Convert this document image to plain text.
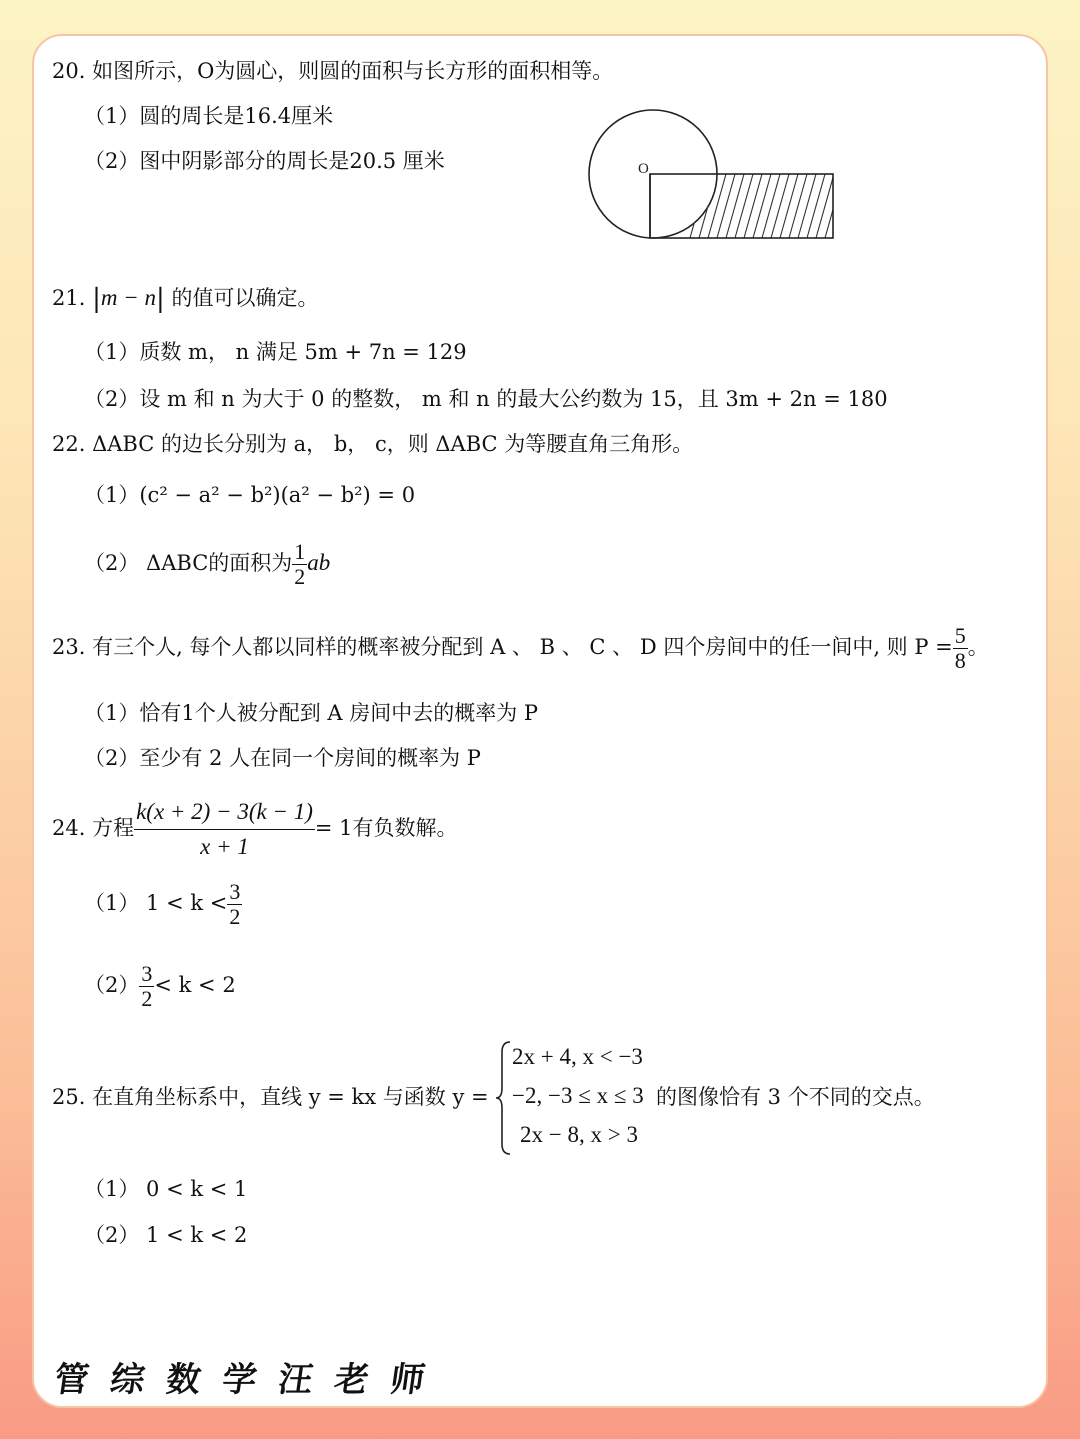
20. 如图所示，O为圆心，则圆的面积与长方形的面积相等。
（1）圆的周长是16.4厘米
（2）图中阴影部分的周长是20.5 厘米	O
21. |m − n| 的值可以确定。
（1）质数 m， n 满足 5m + 7n = 129
（2）设 m 和 n 为大于 0 的整数， m 和 n 的最大公约数为 15，且 3m + 2n = 180
22. ΔABC 的边长分别为 a， b， c，则 ΔABC 为等腰直角三角形。
（1）(c² − a² − b²)(a² − b²) = 0
（2） ΔABC的面积为 $\frac{1}{2}$ ab
23. 有三个人, 每个人都以同样的概率被分配到 A 、 B 、 C 、 D 四个房间中的任一间中, 则 $P = \frac{5}{8}$ 。
（1）恰有1个人被分配到 A 房间中去的概率为 P
（2）至少有 2 人在同一个房间的概率为 P
24. 方程 $\frac{k(x + 2) - 3(k - 1)}{x + 1} = 1$有负数解。
（1） $1 < k < \frac{3}{2}$
$(2) \frac{3}{2} < k < 2$
25. 在直角坐标系中，直线 y = kx 与函数 y =
2x + 4, x < −3
−2, −3 ≤ x ≤ 3
2x − 8, x > 3
的图像恰有 3 个不同的交点。
（1） 0 < k < 1
（2） 1 < k < 2
管综数学汪老师
